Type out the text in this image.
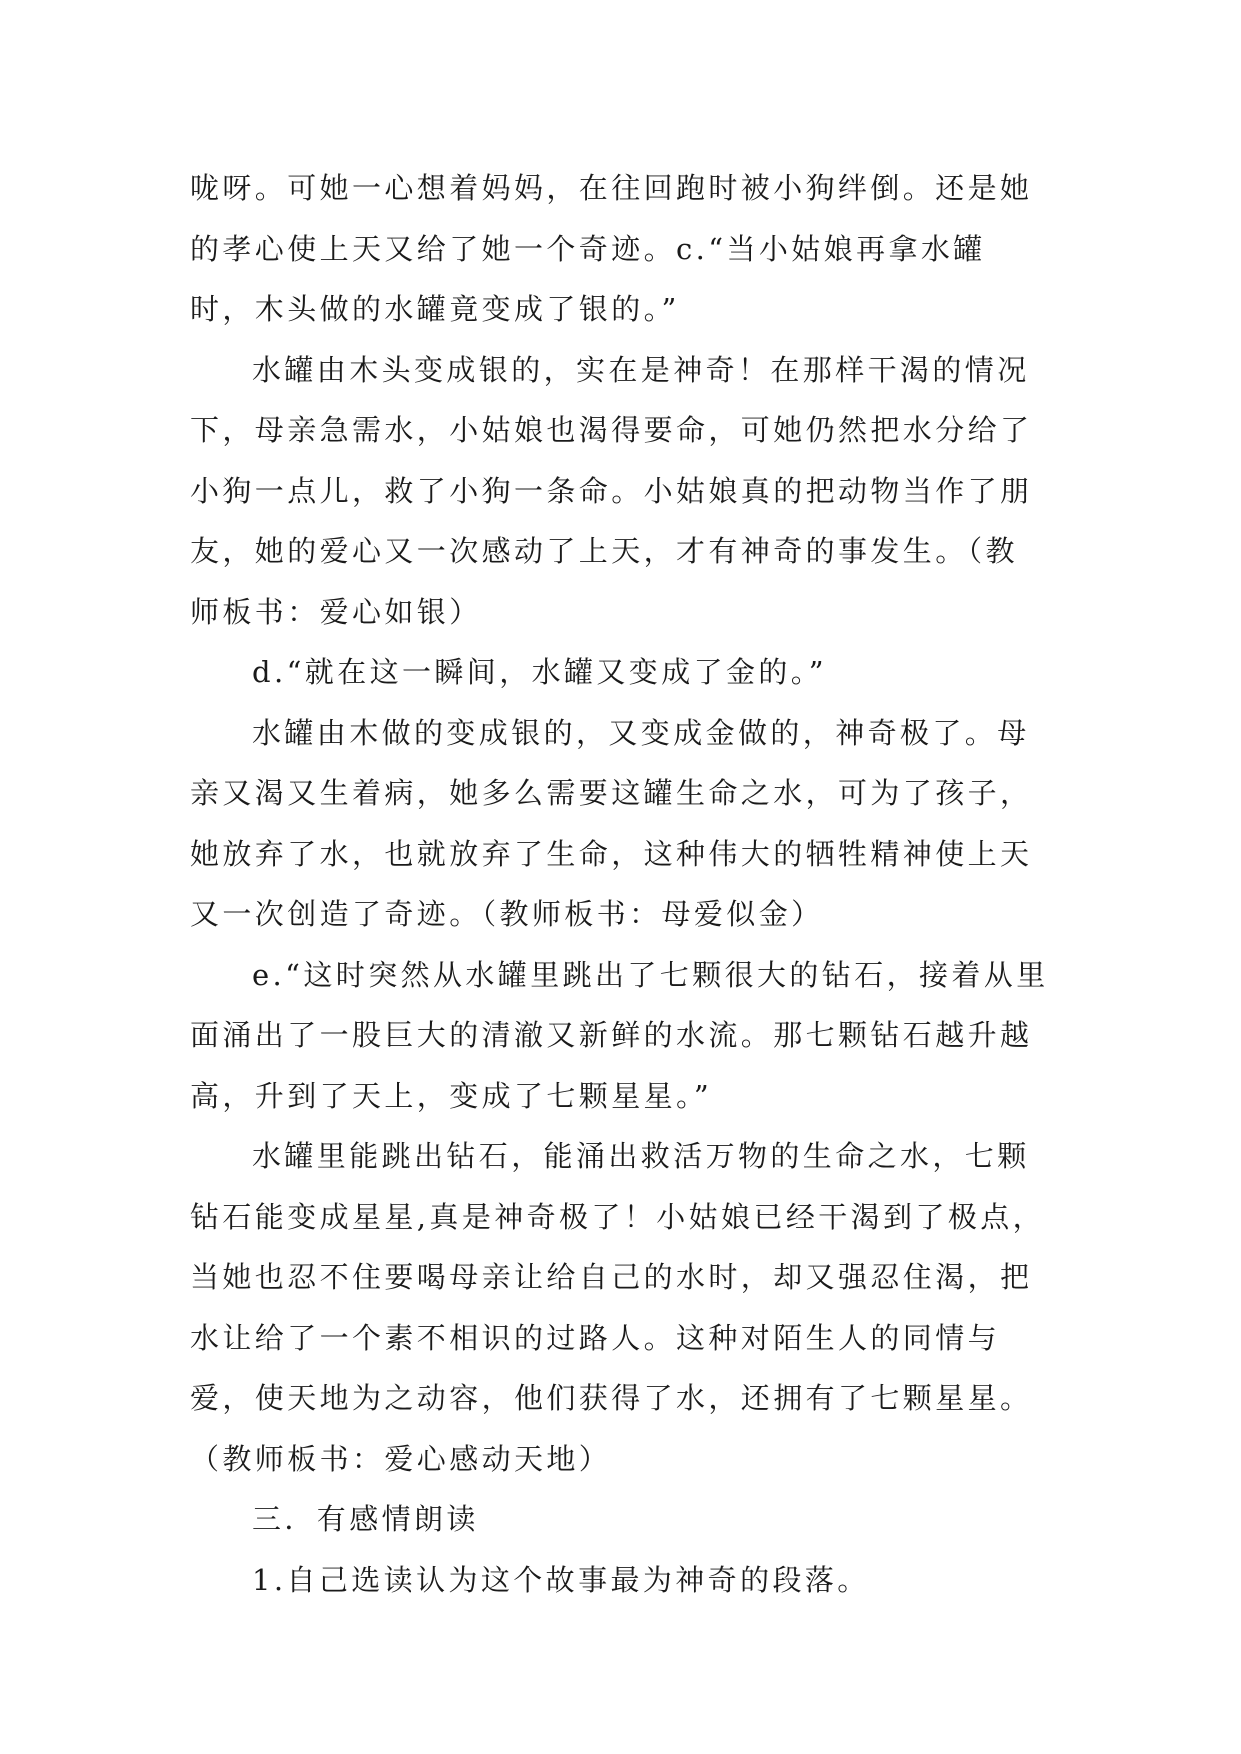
咙呀。可她一心想着妈妈，在往回跑时被小狗绊倒。还是她的孝心使上天又给了她一个奇迹。c.“当小姑娘再拿水罐时，木头做的水罐竟变成了银的。”

水罐由木头变成银的，实在是神奇！在那样干渴的情况下，母亲急需水，小姑娘也渴得要命，可她仍然把水分给了小狗一点儿，救了小狗一条命。小姑娘真的把动物当作了朋友，她的爱心又一次感动了上天，才有神奇的事发生。（教师板书：爱心如银）

d.“就在这一瞬间，水罐又变成了金的。”

水罐由木做的变成银的，又变成金做的，神奇极了。母亲又渴又生着病，她多么需要这罐生命之水，可为了孩子，她放弃了水，也就放弃了生命，这种伟大的牺牲精神使上天又一次创造了奇迹。（教师板书：母爱似金）

e.“这时突然从水罐里跳出了七颗很大的钻石，接着从里面涌出了一股巨大的清澈又新鲜的水流。那七颗钻石越升越高，升到了天上，变成了七颗星星。”

水罐里能跳出钻石，能涌出救活万物的生命之水，七颗钻石能变成星星,真是神奇极了！小姑娘已经干渴到了极点，当她也忍不住要喝母亲让给自己的水时，却又强忍住渴，把水让给了一个素不相识的过路人。这种对陌生人的同情与爱，使天地为之动容，他们获得了水，还拥有了七颗星星。（教师板书：爱心感动天地）

三．有感情朗读

1.自己选读认为这个故事最为神奇的段落。
